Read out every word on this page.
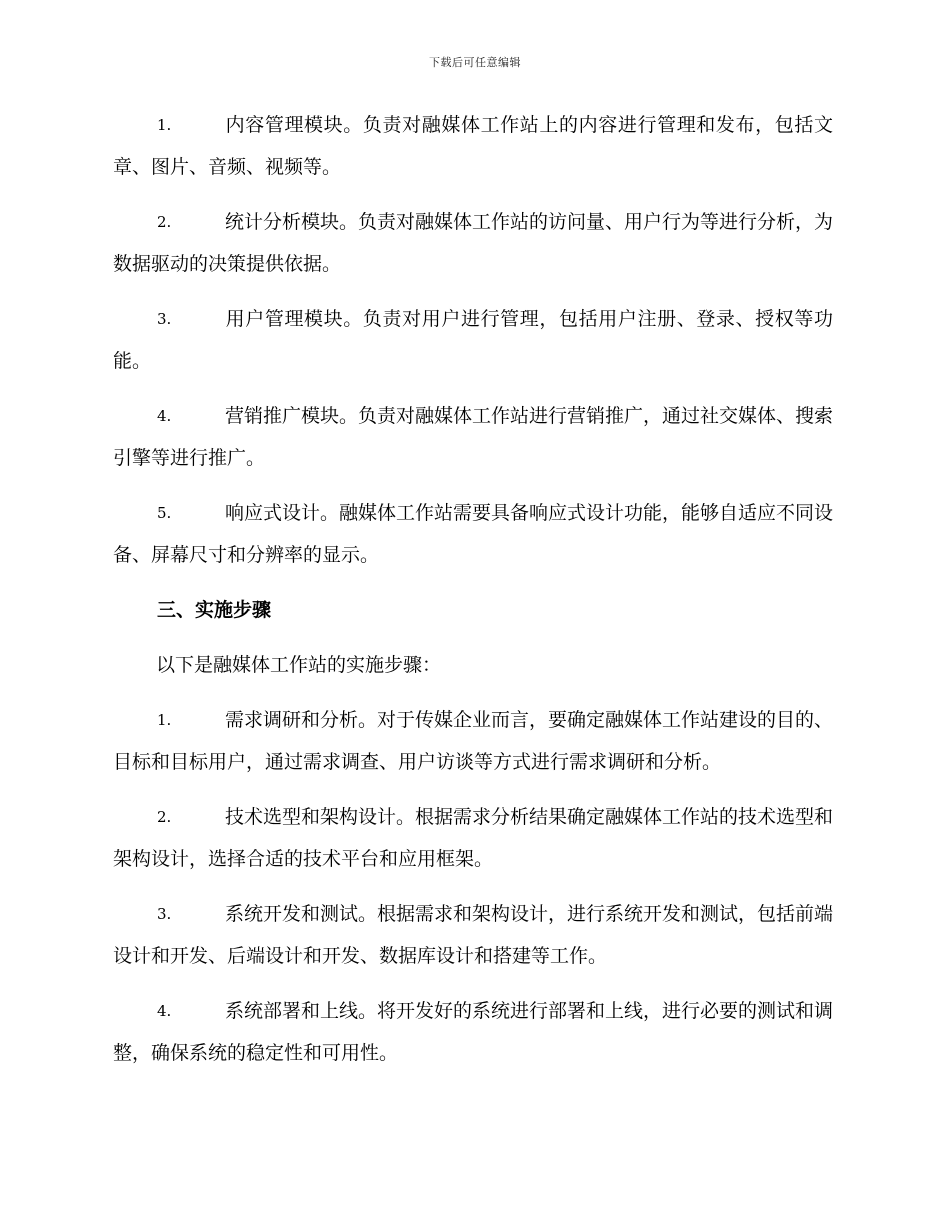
下载后可任意编辑

1.	内容管理模块。负责对融媒体工作站上的内容进行管理和发布，包括文章、图片、音频、视频等。

2.	统计分析模块。负责对融媒体工作站的访问量、用户行为等进行分析，为数据驱动的决策提供依据。

3.	用户管理模块。负责对用户进行管理，包括用户注册、登录、授权等功能。

4.	营销推广模块。负责对融媒体工作站进行营销推广，通过社交媒体、搜索引擎等进行推广。

5.	响应式设计。融媒体工作站需要具备响应式设计功能，能够自适应不同设备、屏幕尺寸和分辨率的显示。

三、实施步骤

以下是融媒体工作站的实施步骤：

1.	需求调研和分析。对于传媒企业而言，要确定融媒体工作站建设的目的、目标和目标用户，通过需求调查、用户访谈等方式进行需求调研和分析。

2.	技术选型和架构设计。根据需求分析结果确定融媒体工作站的技术选型和架构设计，选择合适的技术平台和应用框架。

3.	系统开发和测试。根据需求和架构设计，进行系统开发和测试，包括前端设计和开发、后端设计和开发、数据库设计和搭建等工作。

4.	系统部署和上线。将开发好的系统进行部署和上线，进行必要的测试和调整，确保系统的稳定性和可用性。
